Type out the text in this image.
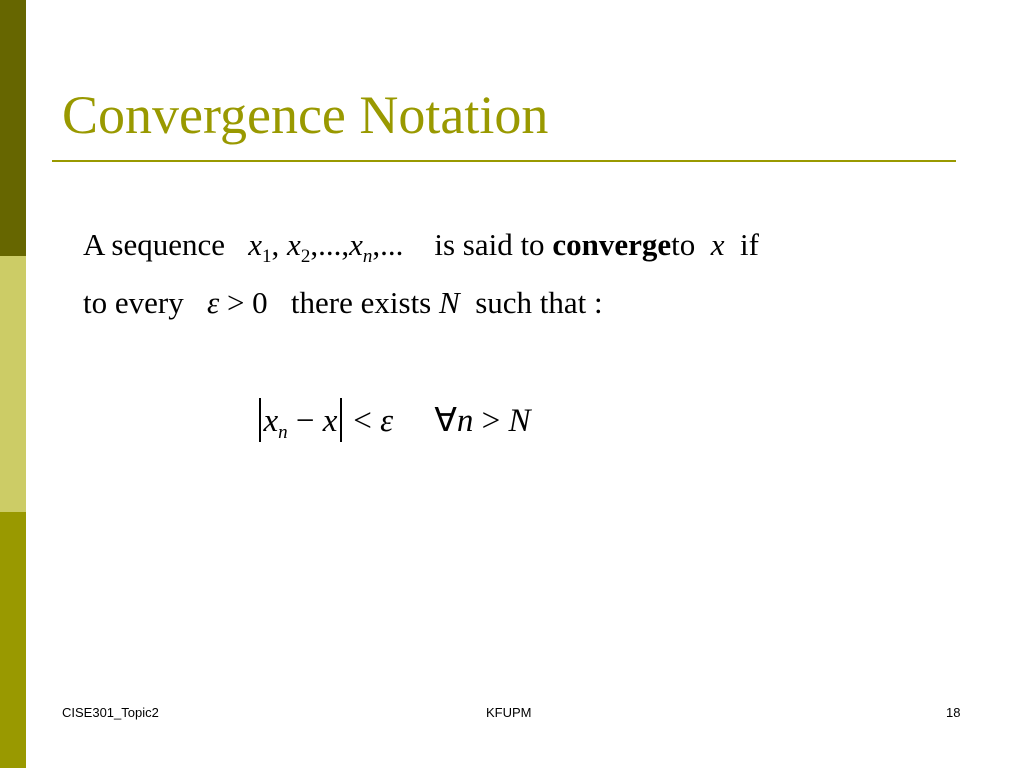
Convergence Notation
A sequence $x_1$, $x_2,...,x_n$,... is said to convergeto x if
to every ε > 0 there exists N such that :
$x_n - x < \varepsilon$ ∀n > N
CISE301_Topic2	KFUPM	18
